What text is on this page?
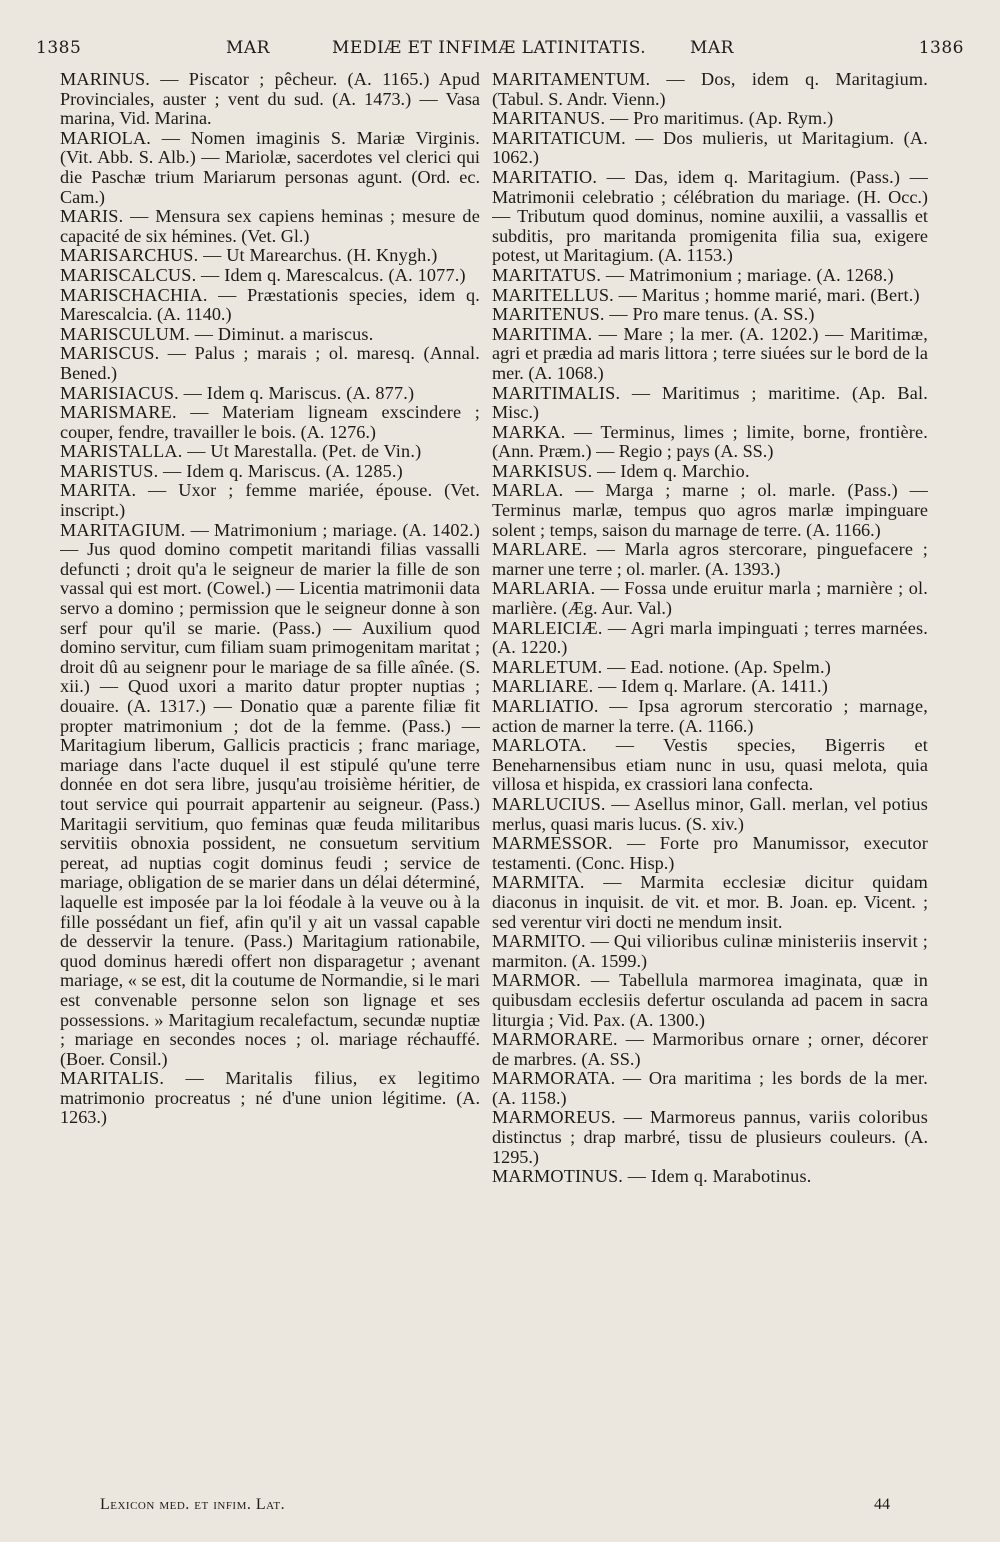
1385	MAR	MEDIÆ ET INFIMÆ LATINITATIS.	MAR	1386

MARINUS. — Piscator ; pêcheur. (A. 1165.) Apud Provinciales, auster ; vent du sud. (A. 1473.) — Vasa marina, Vid. Marina.

MARIOLA. — Nomen imaginis S. Mariæ Virginis. (Vit. Abb. S. Alb.) — Mariolæ, sacerdotes vel clerici qui die Paschæ trium Mariarum personas agunt. (Ord. ec. Cam.)

MARIS. — Mensura sex capiens heminas ; mesure de capacité de six hémines. (Vet. Gl.)

MARISARCHUS. — Ut Marearchus. (H. Knygh.)

MARISCALCUS. — Idem q. Marescalcus. (A. 1077.)

MARISCHACHIA. — Præstationis species, idem q. Marescalcia. (A. 1140.)

MARISCULUM. — Diminut. a mariscus.

MARISCUS. — Palus ; marais ; ol. maresq. (Annal. Bened.)

MARISIACUS. — Idem q. Mariscus. (A. 877.)

MARISMARE. — Materiam ligneam exscindere ; couper, fendre, travailler le bois. (A. 1276.)

MARISTALLA. — Ut Marestalla. (Pet. de Vin.)

MARISTUS. — Idem q. Mariscus. (A. 1285.)

MARITA. — Uxor ; femme mariée, épouse. (Vet. inscript.)

MARITAGIUM. — Matrimonium ; mariage. (A. 1402.) — Jus quod domino competit maritandi filias vassalli defuncti ; droit qu'a le seigneur de marier la fille de son vassal qui est mort. (Cowel.) — Licentia matrimonii data servo a domino ; permission que le seigneur donne à son serf pour qu'il se marie. (Pass.) — Auxilium quod domino servitur, cum filiam suam primogenitam maritat ; droit dû au seignenr pour le mariage de sa fille aînée. (S. xii.) — Quod uxori a marito datur propter nuptias ; douaire. (A. 1317.) — Donatio quæ a parente filiæ fit propter matrimonium ; dot de la femme. (Pass.) — Maritagium liberum, Gallicis practicis ; franc mariage, mariage dans l'acte duquel il est stipulé qu'une terre donnée en dot sera libre, jusqu'au troisième héritier, de tout service qui pourrait appartenir au seigneur. (Pass.) Maritagii servitium, quo feminas quæ feuda militaribus servitiis obnoxia possident, ne consuetum servitium pereat, ad nuptias cogit dominus feudi ; service de mariage, obligation de se marier dans un délai déterminé, laquelle est imposée par la loi féodale à la veuve ou à la fille possédant un fief, afin qu'il y ait un vassal capable de desservir la tenure. (Pass.) Maritagium rationabile, quod dominus hæredi offert non disparagetur ; avenant mariage, « se est, dit la coutume de Normandie, si le mari est convenable personne selon son lignage et ses possessions. » Maritagium recalefactum, secundæ nuptiæ ; mariage en secondes noces ; ol. mariage réchauffé. (Boer. Consil.)

MARITALIS. — Maritalis filius, ex legitimo matrimonio procreatus ; né d'une union légitime. (A. 1263.)

MARITAMENTUM. — Dos, idem q. Maritagium. (Tabul. S. Andr. Vienn.)

MARITANUS. — Pro maritimus. (Ap. Rym.)

MARITATICUM. — Dos mulieris, ut Maritagium. (A. 1062.)

MARITATIO. — Das, idem q. Maritagium. (Pass.) — Matrimonii celebratio ; célébration du mariage. (H. Occ.) — Tributum quod dominus, nomine auxilii, a vassallis et subditis, pro maritanda promigenita filia sua, exigere potest, ut Maritagium. (A. 1153.)

MARITATUS. — Matrimonium ; mariage. (A. 1268.)

MARITELLUS. — Maritus ; homme marié, mari. (Bert.)

MARITENUS. — Pro mare tenus. (A. SS.)

MARITIMA. — Mare ; la mer. (A. 1202.) — Maritimæ, agri et prædia ad maris littora ; terre siuées sur le bord de la mer. (A. 1068.)

MARITIMALIS. — Maritimus ; maritime. (Ap. Bal. Misc.)

MARKA. — Terminus, limes ; limite, borne, frontière. (Ann. Præm.) — Regio ; pays (A. SS.)

MARKISUS. — Idem q. Marchio.

MARLA. — Marga ; marne ; ol. marle. (Pass.) — Terminus marlæ, tempus quo agros marlæ impinguare solent ; temps, saison du marnage de terre. (A. 1166.)

MARLARE. — Marla agros stercorare, pinguefacere ; marner une terre ; ol. marler. (A. 1393.)

MARLARIA. — Fossa unde eruitur marla ; marnière ; ol. marlière. (Æg. Aur. Val.)

MARLEICIÆ. — Agri marla impinguati ; terres marnées. (A. 1220.)

MARLETUM. — Ead. notione. (Ap. Spelm.)

MARLIARE. — Idem q. Marlare. (A. 1411.)

MARLIATIO. — Ipsa agrorum stercoratio ; marnage, action de marner la terre. (A. 1166.)

MARLOTA. — Vestis species, Bigerris et Beneharnensibus etiam nunc in usu, quasi melota, quia villosa et hispida, ex crassiori lana confecta.

MARLUCIUS. — Asellus minor, Gall. merlan, vel potius merlus, quasi maris lucus. (S. xiv.)

MARMESSOR. — Forte pro Manumissor, executor testamenti. (Conc. Hisp.)

MARMITA. — Marmita ecclesiæ dicitur quidam diaconus in inquisit. de vit. et mor. B. Joan. ep. Vicent. ; sed verentur viri docti ne mendum insit.

MARMITO. — Qui vilioribus culinæ ministeriis inservit ; marmiton. (A. 1599.)

MARMOR. — Tabellula marmorea imaginata, quæ in quibusdam ecclesiis defertur osculanda ad pacem in sacra liturgia ; Vid. Pax. (A. 1300.)

MARMORARE. — Marmoribus ornare ; orner, décorer de marbres. (A. SS.)

MARMORATA. — Ora maritima ; les bords de la mer. (A. 1158.)

MARMOREUS. — Marmoreus pannus, variis coloribus distinctus ; drap marbré, tissu de plusieurs couleurs. (A. 1295.)

MARMOTINUS. — Idem q. Marabotinus.

Lexicon med. et infim. Lat.	44
